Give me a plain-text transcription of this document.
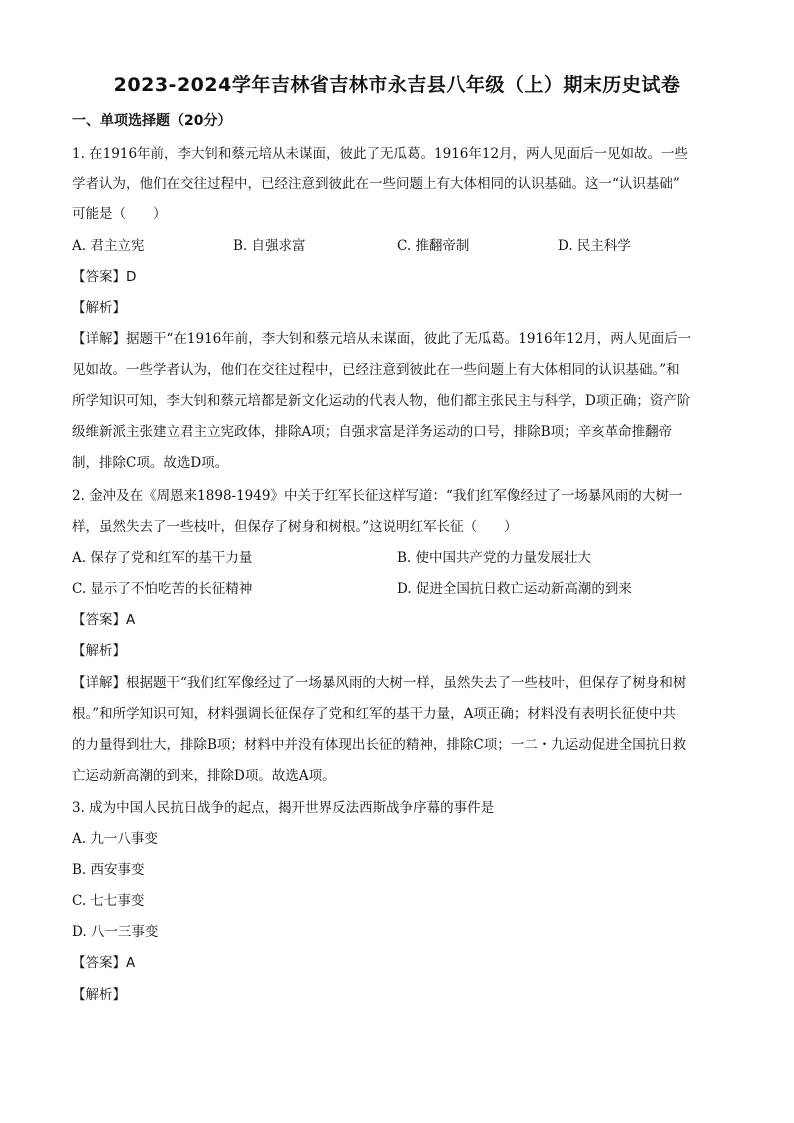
2023-2024学年吉林省吉林市永吉县八年级（上）期末历史试卷
一、单项选择题（20分）
1. 在1916年前，李大钊和蔡元培从未谋面，彼此了无瓜葛。1916年12月，两人见面后一见如故。一些
学者认为，他们在交往过程中，已经注意到彼此在一些问题上有大体相同的认识基础。这一“认识基础”
可能是（　　）
A. 君主立宪	B. 自强求富	C. 推翻帝制	D. 民主科学
【答案】D
【解析】
【详解】据题干“在1916年前，李大钊和蔡元培从未谋面，彼此了无瓜葛。1916年12月，两人见面后一
见如故。一些学者认为，他们在交往过程中，已经注意到彼此在一些问题上有大体相同的认识基础。”和
所学知识可知，李大钊和蔡元培都是新文化运动的代表人物，他们都主张民主与科学，D项正确；资产阶
级维新派主张建立君主立宪政体，排除A项；自强求富是洋务运动的口号，排除B项；辛亥革命推翻帝
制，排除C项。故选D项。
2. 金冲及在《周恩来1898-1949》中关于红军长征这样写道：“我们红军像经过了一场暴风雨的大树一
样，虽然失去了一些枝叶，但保存了树身和树根。”这说明红军长征（　　）
A. 保存了党和红军的基干力量	B. 使中国共产党的力量发展壮大
C. 显示了不怕吃苦的长征精神	D. 促进全国抗日救亡运动新高潮的到来
【答案】A
【解析】
【详解】根据题干“我们红军像经过了一场暴风雨的大树一样，虽然失去了一些枝叶，但保存了树身和树
根。”和所学知识可知，材料强调长征保存了党和红军的基干力量，A项正确；材料没有表明长征使中共
的力量得到壮大，排除B项；材料中并没有体现出长征的精神，排除C项；一二・九运动促进全国抗日救
亡运动新高潮的到来，排除D项。故选A项。
3. 成为中国人民抗日战争的起点，揭开世界反法西斯战争序幕的事件是
A. 九一八事变
B. 西安事变
C. 七七事变
D. 八一三事变
【答案】A
【解析】
